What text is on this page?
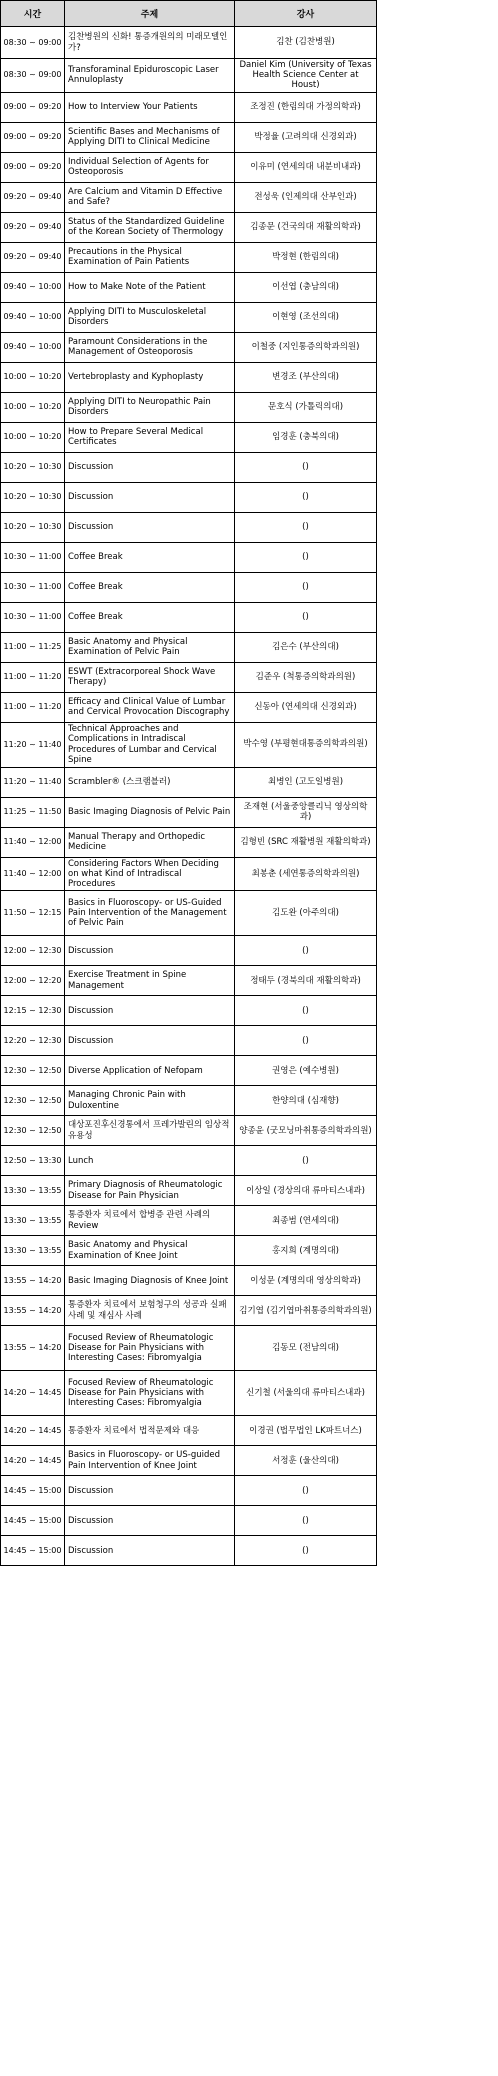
시간	주제	강사
08:30 ~ 09:00	김찬병원의 신화! 통증개원의의 미래모델인가?	김찬 (김찬병원)
08:30 ~ 09:00	Transforaminal Epiduroscopic Laser Annuloplasty	Daniel Kim (University of Texas Health Science Center at Houst)
09:00 ~ 09:20	How to Interview Your Patients	조정진 (한림의대 가정의학과)
09:00 ~ 09:20	Scientific Bases and Mechanisms of Applying DITI to Clinical Medicine	박정율 (고려의대 신경외과)
09:00 ~ 09:20	Individual Selection of Agents for Osteoporosis	이유미 (연세의대 내분비내과)
09:20 ~ 09:40	Are Calcium and Vitamin D Effective and Safe?	전성욱 (인제의대 산부인과)
09:20 ~ 09:40	Status of the Standardized Guideline of the Korean Society of Thermology	김종문 (건국의대 재활의학과)
09:20 ~ 09:40	Precautions in the Physical Examination of Pain Patients	박정현 (한림의대)
09:40 ~ 10:00	How to Make Note of the Patient	이선엽 (충남의대)
09:40 ~ 10:00	Applying DITI to Musculoskeletal Disorders	이현영 (조선의대)
09:40 ~ 10:00	Paramount Considerations in the Management of Osteoporosis	이철중 (지인통증의학과의원)
10:00 ~ 10:20	Vertebroplasty and Kyphoplasty	변경조 (부산의대)
10:00 ~ 10:20	Applying DITI to Neuropathic Pain Disorders	문호식 (가톨릭의대)
10:00 ~ 10:20	How to Prepare Several Medical Certificates	임경훈 (충북의대)
10:20 ~ 10:30	Discussion	()
10:20 ~ 10:30	Discussion	()
10:20 ~ 10:30	Discussion	()
10:30 ~ 11:00	Coffee Break	()
10:30 ~ 11:00	Coffee Break	()
10:30 ~ 11:00	Coffee Break	()
11:00 ~ 11:25	Basic Anatomy and Physical Examination of Pelvic Pain	김은수 (부산의대)
11:00 ~ 11:20	ESWT (Extracorporeal Shock Wave Therapy)	김준우 (척통증의학과의원)
11:00 ~ 11:20	Efficacy and Clinical Value of Lumbar and Cervical Provocation Discography	신동아 (연세의대 신경외과)
11:20 ~ 11:40	Technical Approaches and Complications in Intradiscal Procedures of Lumbar and Cervical Spine	박수영 (부평현대통증의학과의원)
11:20 ~ 11:40	Scrambler® (스크램블러)	최병인 (고도일병원)
11:25 ~ 11:50	Basic Imaging Diagnosis of Pelvic Pain	조재현 (서울중앙클리닉 영상의학과)
11:40 ~ 12:00	Manual Therapy and Orthopedic Medicine	김형빈 (SRC 재활병원 재활의학과)
11:40 ~ 12:00	Considering Factors When Deciding on what Kind of Intradiscal Procedures	최봉춘 (세연통증의학과의원)
11:50 ~ 12:15	Basics in Fluoroscopy- or US-Guided Pain Intervention of the Management of Pelvic Pain	김도완 (아주의대)
12:00 ~ 12:30	Discussion	()
12:00 ~ 12:20	Exercise Treatment in Spine Management	정태두 (경북의대 재활의학과)
12:15 ~ 12:30	Discussion	()
12:20 ~ 12:30	Discussion	()
12:30 ~ 12:50	Diverse Application of Nefopam	권영은 (예수병원)
12:30 ~ 12:50	Managing Chronic Pain with Duloxentine	한양의대 (심재향)
12:30 ~ 12:50	대상포진후신경통에서 프레가발린의 임상적 유용성	양종윤 (굿모닝마취통증의학과의원)
12:50 ~ 13:30	Lunch	()
13:30 ~ 13:55	Primary Diagnosis of Rheumatologic Disease for Pain Physician	이상일 (경상의대 류마티스내과)
13:30 ~ 13:55	통증환자 치료에서 합병증 관련 사례의 Review	최종범 (연세의대)
13:30 ~ 13:55	Basic Anatomy and Physical Examination of Knee Joint	홍지희 (계명의대)
13:55 ~ 14:20	Basic Imaging Diagnosis of Knee Joint	이성문 (계명의대 영상의학과)
13:55 ~ 14:20	통증환자 치료에서 보험청구의 성공과 실패 사례 및 재심사 사례	김기엽 (김기엽마취통증의학과의원)
13:55 ~ 14:20	Focused Review of Rheumatologic Disease for Pain Physicians with Interesting Cases: Fibromyalgia	김동모 (전남의대)
14:20 ~ 14:45	Focused Review of Rheumatologic Disease for Pain Physicians with Interesting Cases: Fibromyalgia	신기철 (서울의대 류마티스내과)
14:20 ~ 14:45	통증환자 치료에서 법적문제와 대응	이경권 (법무법인 LK파트너스)
14:20 ~ 14:45	Basics in Fluoroscopy- or US-guided Pain Intervention of Knee Joint	서정훈 (울산의대)
14:45 ~ 15:00	Discussion	()
14:45 ~ 15:00	Discussion	()
14:45 ~ 15:00	Discussion	()
